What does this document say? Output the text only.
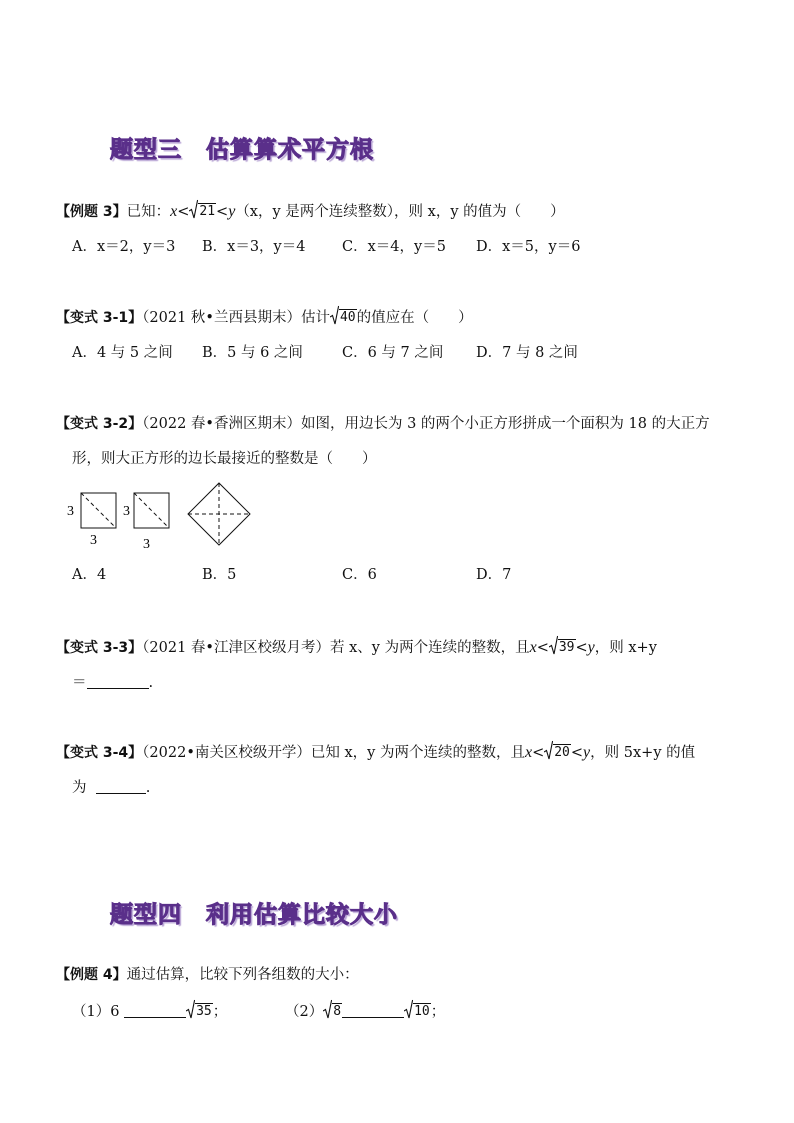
题型三 估算算术平方根
【例题 3】已知：x< 21 <y（x，y 是两个连续整数），则 x，y 的值为（　　）
A．x＝2，y＝3 B．x＝3，y＝4	C．x＝4，y＝5 D．x＝5，y＝6
【变式 3-1】（2021 秋•兰西县期末）估计 40 的值应在（　　）
A．4 与 5 之间 B．5 与 6 之间	C．6 与 7 之间 D．7 与 8 之间
【变式 3-2】（2022 春•香洲区期末）如图，用边长为 3 的两个小正方形拼成一个面积为 18 的大正方
形，则大正方形的边长最接近的整数是（　　）
3
3
3
3
A．4	B．5	C．6	D．7
【变式 3-3】（2021 春•江津区校级月考）若 x、y 为两个连续的整数，且x< 39 <y，则 x+y
＝	.
【变式 3-4】（2022•南关区校级开学）已知 x，y 为两个连续的整数，且x< 20 <y，则 5x+y 的值
为	.
题型四 利用估算比较大小
【例题 4】通过估算，比较下列各组数的大小：
（1）6	35 ；	（2） 8	10 ；
